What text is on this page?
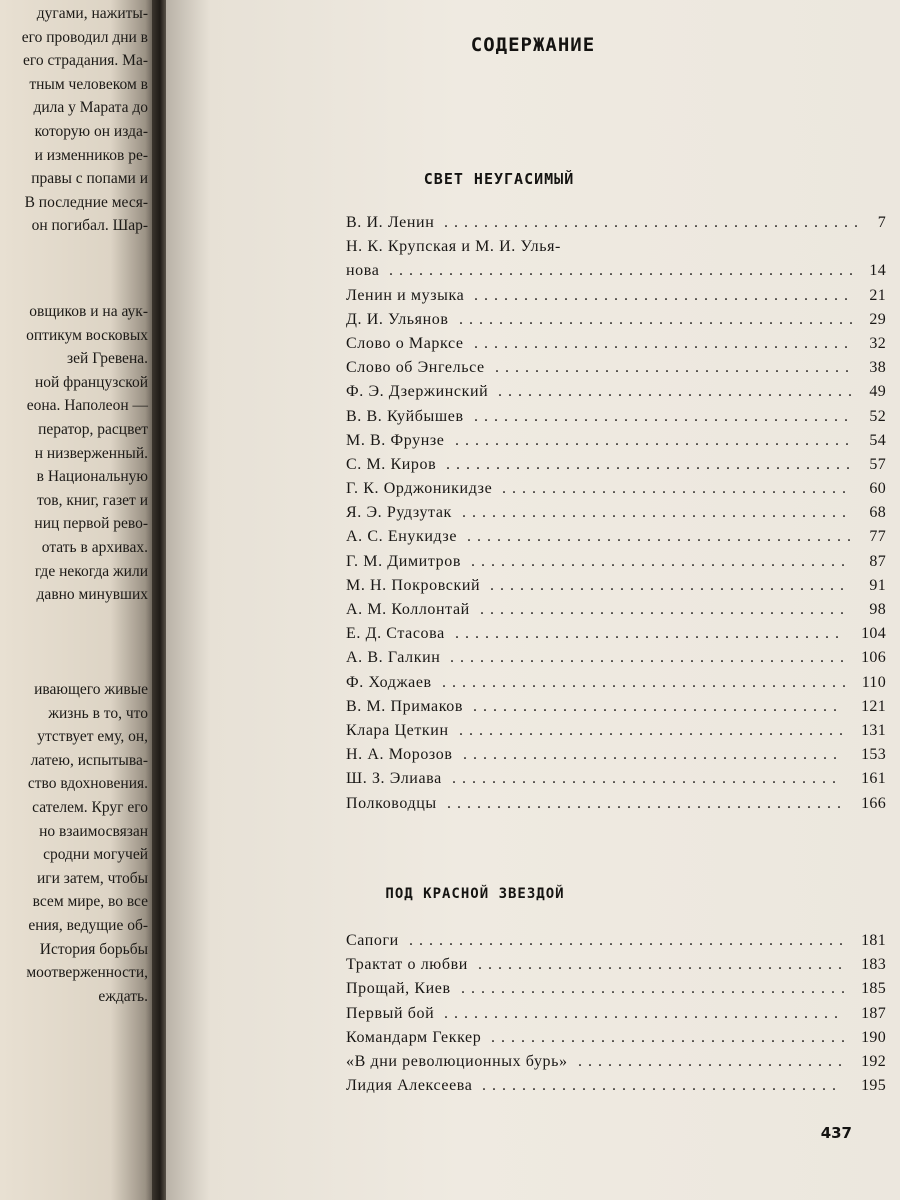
дугами, нажиты-
его проводил дни в
его страдания. Ма-
тным человеком в
дила у Марата до
которую он изда-
и изменников ре-
правы с попами и
В последние меся-
он погибал. Шар-
овщиков и на аук-
оптикум восковых
зей Гревена.
ной французской
еона. Наполеон —
ператор, расцвет
н низверженный.
в Национальную
тов, книг, газет и
ниц первой рево-
отать в архивах.
где некогда жили
давно минувших
ивающего живые
жизнь в то, что
утствует ему, он,
латею, испытыва-
ство вдохновения.
сателем. Круг его
но взаимосвязан
сродни могучей
иги затем, чтобы
всем мире, во все
ения, ведущие об-
История борьбы
моотверженности,
еждать.
СОДЕРЖАНИЕ
СВЕТ НЕУГАСИМЫЙ
В. И. Ленин .......................................... 7
Н. К. Крупская и М. И. Улья-
нова ............................................... 14
Ленин и музыка ...................................... 21
Д. И. Ульянов ........................................ 29
Слово о Марксе ...................................... 32
Слово об Энгельсе .................................... 38
Ф. Э. Дзержинский .................................... 49
В. В. Куйбышев ...................................... 52
М. В. Фрунзе ........................................ 54
С. М. Киров ......................................... 57
Г. К. Орджоникидзе ...................................	60
Я. Э. Рудзутак .......................................	68
А. С. Енукидзе ....................................... 77
Г. М. Димитров ......................................	87
М. Н. Покровский ....................................	91
А. М. Коллонтай .....................................	98
Е. Д. Стасова .......................................	104
А. В. Галкин ........................................ 106
Ф. Ходжаев ......................................... 110
В. М. Примаков .....................................	121
Клара Цеткин ....................................... 131
Н. А. Морозов ......................................	153
Ш. З. Элиава .......................................	161
Полководцы ........................................ 166
ПОД КРАСНОЙ ЗВЕЗДОЙ
Сапоги ............................................ 181
Трактат о любви ..................................... 183
Прощай, Киев ....................................... 185
Первый бой ........................................	187
Командарм Геккер .................................... 190
«В дни революционных бурь» ........................... 192
Лидия Алексеева ....................................	195
437
